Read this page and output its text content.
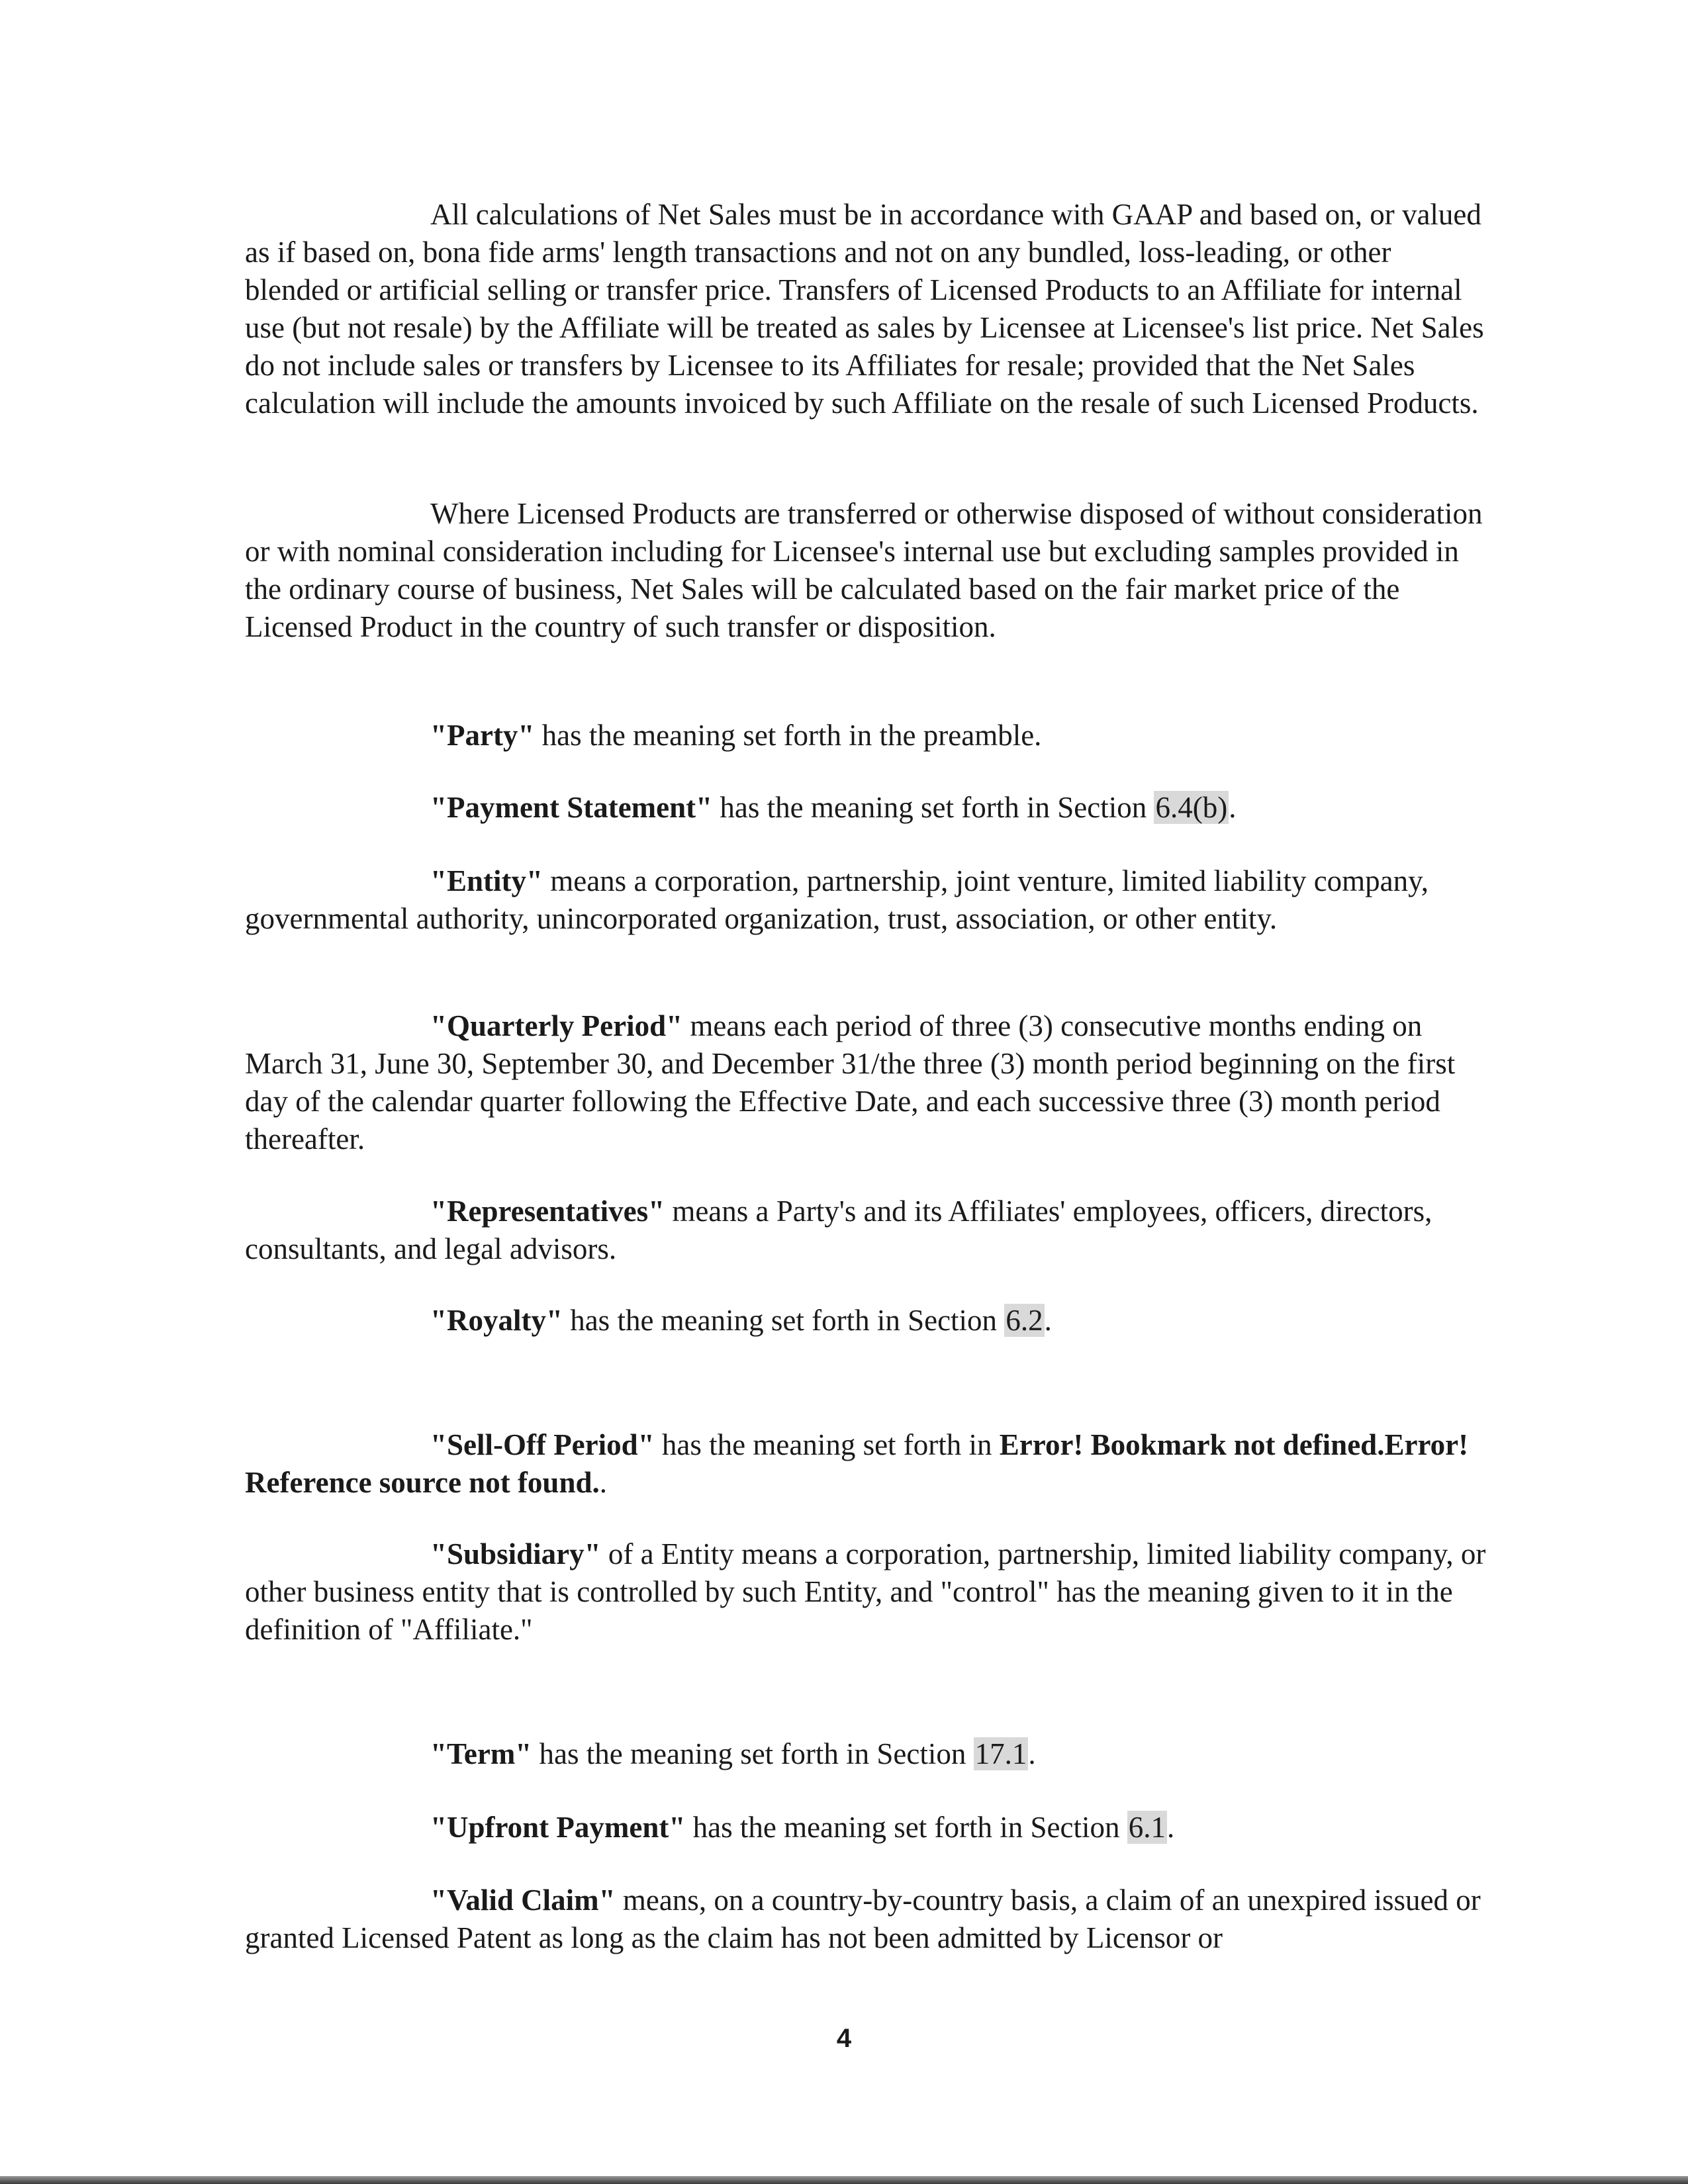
All calculations of Net Sales must be in accordance with GAAP and based on, or valued as if based on, bona fide arms' length transactions and not on any bundled, loss-leading, or other blended or artificial selling or transfer price. Transfers of Licensed Products to an Affiliate for internal use (but not resale) by the Affiliate will be treated as sales by Licensee at Licensee's list price. Net Sales do not include sales or transfers by Licensee to its Affiliates for resale; provided that the Net Sales calculation will include the amounts invoiced by such Affiliate on the resale of such Licensed Products.

Where Licensed Products are transferred or otherwise disposed of without consideration or with nominal consideration including for Licensee's internal use but excluding samples provided in the ordinary course of business, Net Sales will be calculated based on the fair market price of the Licensed Product in the country of such transfer or disposition.

"Party" has the meaning set forth in the preamble.

"Payment Statement" has the meaning set forth in Section 6.4(b).

"Entity" means a corporation, partnership, joint venture, limited liability company, governmental authority, unincorporated organization, trust, association, or other entity.

"Quarterly Period" means each period of three (3) consecutive months ending on March 31, June 30, September 30, and December 31/the three (3) month period beginning on the first day of the calendar quarter following the Effective Date, and each successive three (3) month period thereafter.

"Representatives" means a Party's and its Affiliates' employees, officers, directors, consultants, and legal advisors.

"Royalty" has the meaning set forth in Section 6.2.

"Sell-Off Period" has the meaning set forth in Error! Bookmark not defined.Error! Reference source not found..

"Subsidiary" of a Entity means a corporation, partnership, limited liability company, or other business entity that is controlled by such Entity, and "control" has the meaning given to it in the definition of "Affiliate."

"Term" has the meaning set forth in Section 17.1.

"Upfront Payment" has the meaning set forth in Section 6.1.

"Valid Claim" means, on a country-by-country basis, a claim of an unexpired issued or granted Licensed Patent as long as the claim has not been admitted by Licensor or

4
